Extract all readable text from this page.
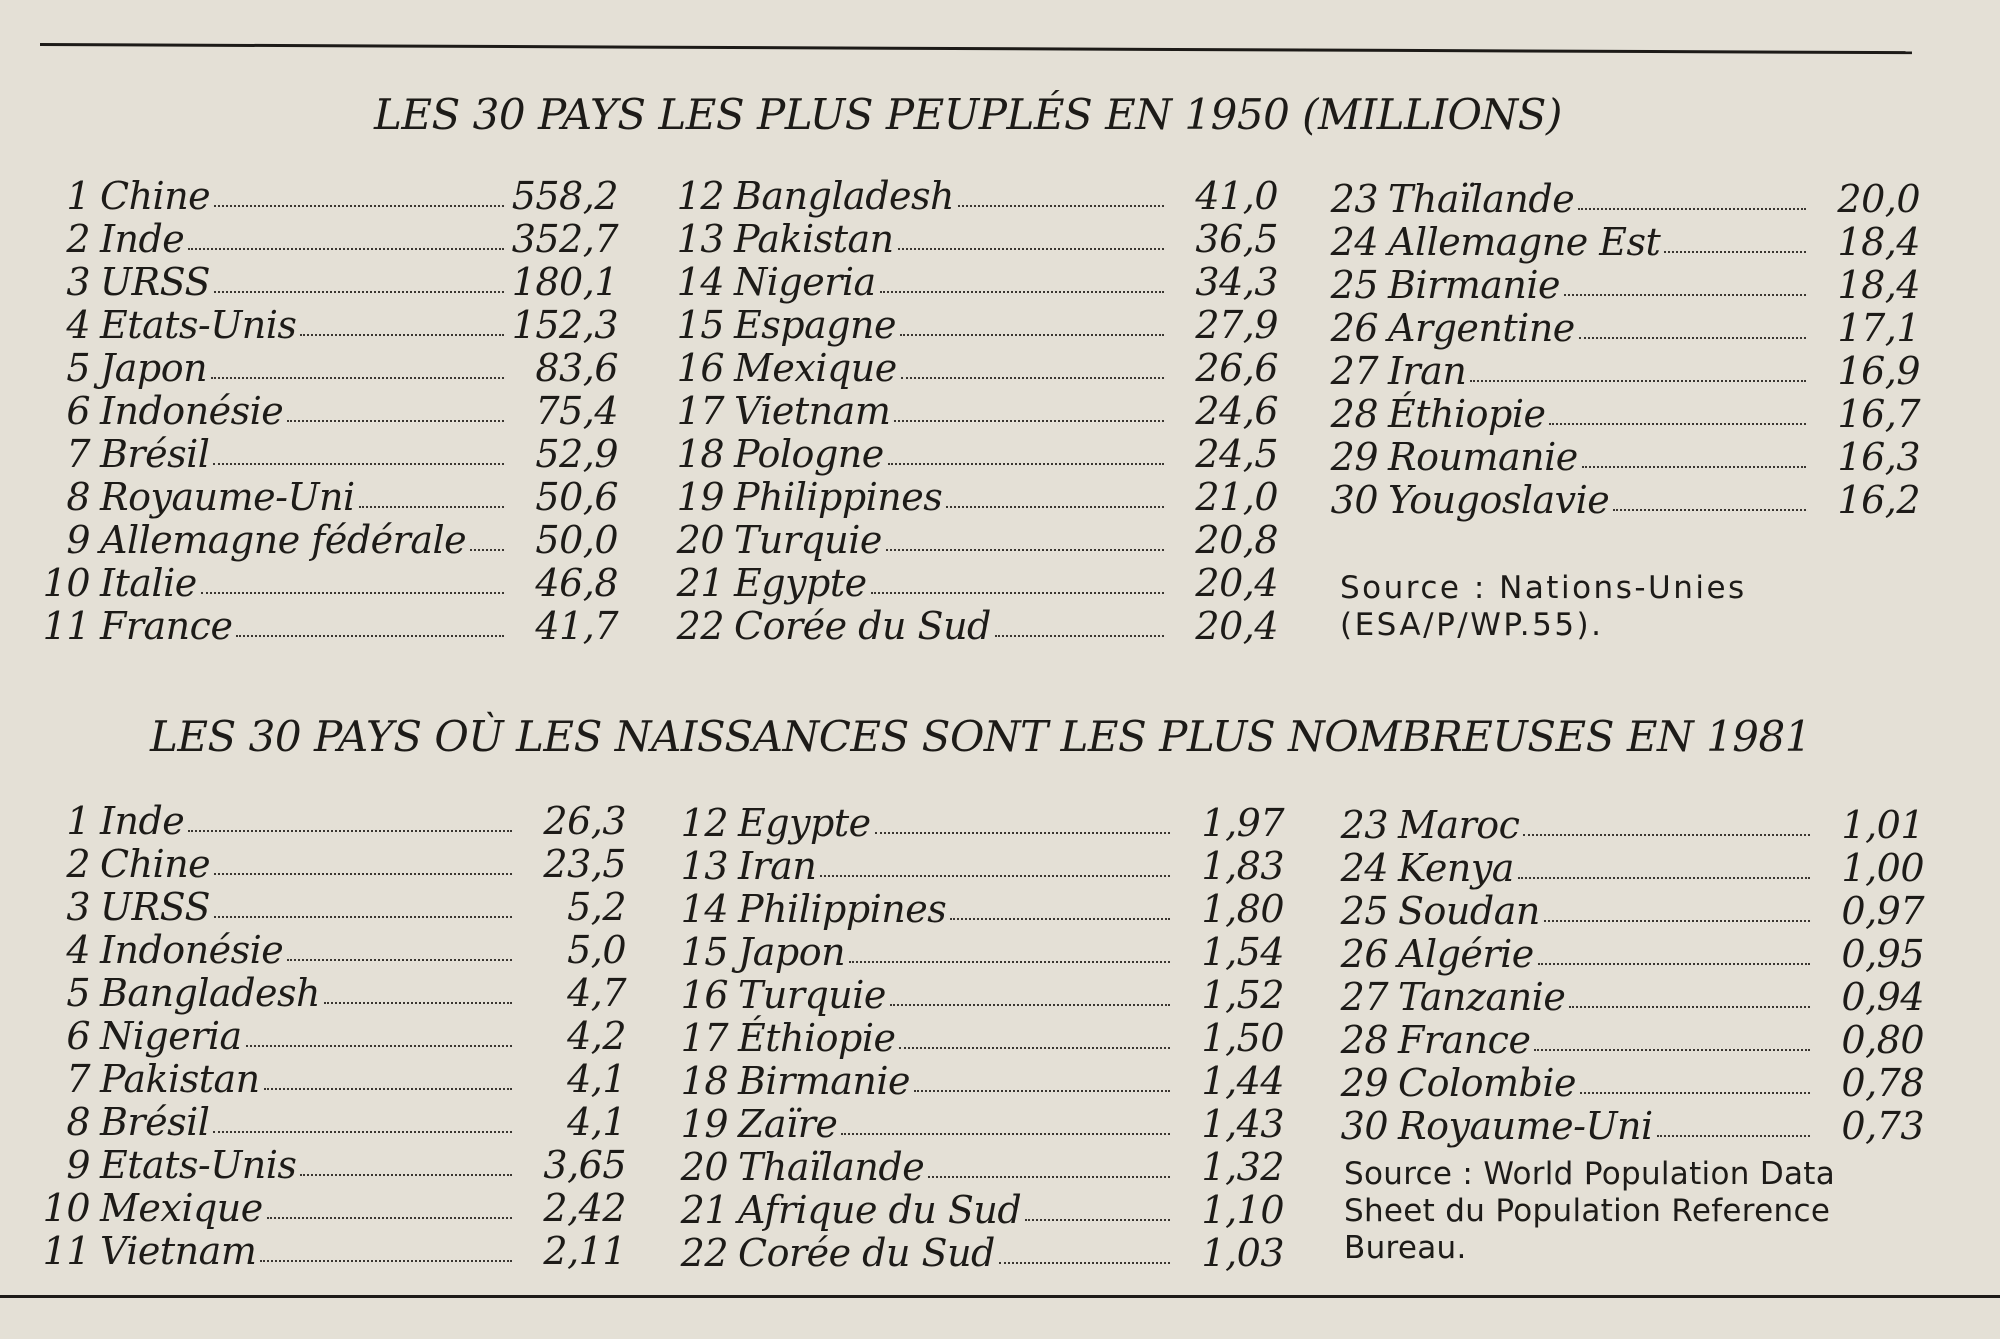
LES 30 PAYS LES PLUS PEUPLÉS EN 1950 (MILLIONS)
1 Chine	558,2
2 Inde	352,7
3 URSS	180,1
4 Etats-Unis	152,3
5 Japon	83,6
6 Indonésie	75,4
7 Brésil	52,9
8 Royaume-Uni	50,6
9 Allemagne fédérale	50,0
10 Italie	46,8
11 France	41,7
12 Bangladesh	41,0
13 Pakistan	36,5
14 Nigeria	34,3
15 Espagne	27,9
16 Mexique	26,6
17 Vietnam	24,6
18 Pologne	24,5
19 Philippines	21,0
20 Turquie	20,8
21 Egypte	20,4
22 Corée du Sud	20,4
23 Thaïlande	20,0
24 Allemagne Est	18,4
25 Birmanie	18,4
26 Argentine	17,1
27 Iran	16,9
28 Éthiopie	16,7
29 Roumanie	16,3
30 Yougoslavie	16,2

Source : Nations-Unies
(ESA/P/WP.55).

LES 30 PAYS OÙ LES NAISSANCES SONT LES PLUS NOMBREUSES EN 1981
1 Inde	26,3
2 Chine	23,5
3 URSS	5,2
4 Indonésie	5,0
5 Bangladesh	4,7
6 Nigeria	4,2
7 Pakistan	4,1
8 Brésil	4,1
9 Etats-Unis	3,65
10 Mexique	2,42
11 Vietnam	2,11
12 Egypte	1,97
13 Iran	1,83
14 Philippines	1,80
15 Japon	1,54
16 Turquie	1,52
17 Éthiopie	1,50
18 Birmanie	1,44
19 Zaïre	1,43
20 Thaïlande	1,32
21 Afrique du Sud	1,10
22 Corée du Sud	1,03
23 Maroc	1,01
24 Kenya	1,00
25 Soudan	0,97
26 Algérie	0,95
27 Tanzanie	0,94
28 France	0,80
29 Colombie	0,78
30 Royaume-Uni	0,73

Source : World Population Data
Sheet du Population Reference
Bureau.
